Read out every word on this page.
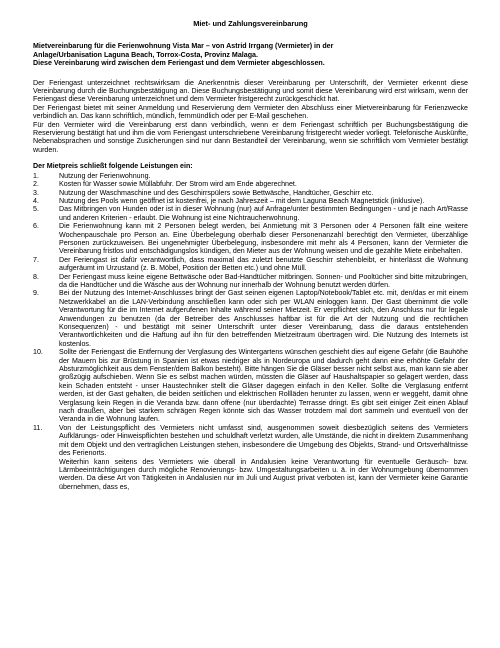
Miet- und Zahlungsvereinbarung
Mietvereinbarung für die Ferienwohnung Vista Mar – von Astrid Irrgang (Vermieter) in der
Anlage/Urbanisation Laguna Beach, Torrox-Costa, Provinz Malaga.
Diese Vereinbarung wird zwischen dem Feriengast und dem Vermieter abgeschlossen.

Der Feriengast unterzeichnet rechtswirksam die Anerkenntnis dieser Vereinbarung per Unterschrift, der Vermieter erkennt diese Vereinbarung durch die Buchungsbestätigung an. Diese Buchungsbestätigung und somit diese Vereinbarung wird erst wirksam, wenn der Feriengast diese Vereinbarung unterzeichnet und dem Vermieter fristgerecht zurückgeschickt hat.

Der Feriengast bietet mit seiner Anmeldung und Reservierung dem Vermieter den Abschluss einer Mietvereinbarung für Ferienzwecke verbindlich an. Das kann schriftlich, mündlich, fernmündlich oder per E-Mail geschehen.

Für den Vermieter wird die Vereinbarung erst dann verbindlich, wenn er dem Feriengast schriftlich per Buchungsbestätigung die Reservierung bestätigt hat und ihm die vom Feriengast unterschriebene Vereinbarung fristgerecht wieder vorliegt. Telefonische Auskünfte, Nebenabsprachen und sonstige Zusicherungen sind nur dann Bestandteil der Vereinbarung, wenn sie schriftlich vom Vermieter bestätigt wurden.

Der Mietpreis schließt folgende Leistungen ein:
1.	Nutzung der Ferienwohnung.
2.	Kosten für Wasser sowie Müllabfuhr. Der Strom wird am Ende abgerechnet.
3.	Nutzung der Waschmaschine und des Geschirrspülers sowie Bettwäsche, Handtücher, Geschirr etc.
4.	Nutzung des Pools wenn geöffnet ist kostenfrei, je nach Jahreszeit – mit dem Laguna Beach Magnetstick (inklusive).
5.	Das Mitbringen von Hunden oder ist in dieser Wohnung (nur) auf Anfrage/unter bestimmten Bedingungen - und je nach Art/Rasse und anderen Kriterien - erlaubt. Die Wohnung ist eine Nichtraucherwohnung.
6.	Die Ferienwohnung kann mit 2 Personen belegt werden, bei Anmietung mit 3 Personen oder 4 Personen fällt eine weitere Wochenpauschale pro Person an. Eine Überbelegung oberhalb dieser Personenanzahl berechtigt den Vermieter, überzählige Personen zurückzuweisen. Bei ungenehmigter Überbelegung, insbesondere mit mehr als 4 Personen, kann der Vermieter die Vereinbarung fristlos und entschädigungslos kündigen, den Mieter aus der Wohnung weisen und die gezahlte Miete einbehalten.
7.	Der Feriengast ist dafür verantwortlich, dass maximal das zuletzt benutzte Geschirr stehenbleibt, er hinterlässt die Wohnung aufgeräumt im Urzustand (z. B. Möbel, Position der Betten etc.) und ohne Müll.
8.	Der Feriengast muss keine eigene Bettwäsche oder Bad-Handtücher mitbringen. Sonnen- und Pooltücher sind bitte mitzubringen, da die Handtücher und die Wäsche aus der Wohnung nur innerhalb der Wohnung benutzt werden dürfen.
9.	Bei der Nutzung des Internet-Anschlusses bringt der Gast seinen eigenen Laptop/Notebook/Tablet etc. mit, den/das er mit einem Netzwerkkabel an die LAN-Verbindung anschließen kann oder sich per WLAN einloggen kann. Der Gast übernimmt die volle Verantwortung für die im Internet aufgerufenen Inhalte während seiner Mietzeit. Er verpflichtet sich, den Anschluss nur für legale Anwendungen zu benutzen (da der Betreiber des Anschlusses haftbar ist für die Art der Nutzung und die rechtlichen Konsequenzen) - und bestätigt mit seiner Unterschrift unter dieser Vereinbarung, dass die daraus entstehenden Verantwortlichkeiten und die Haftung auf ihn für den betreffenden Mietzeitraum übertragen wird. Die Nutzung des Internets ist kostenlos.
10.	Sollte der Feriengast die Entfernung der Verglasung des Wintergartens wünschen geschieht dies auf eigene Gefahr (die Bauhöhe der Mauern bis zur Brüstung in Spanien ist etwas niedriger als in Nordeuropa und dadurch geht dann eine erhöhte Gefahr der Absturzmöglichkeit aus dem Fenster/dem Balkon besteht). Bitte hängen Sie die Gläser besser nicht selbst aus, man kann sie aber großzügig aufschieben. Wenn Sie es selbst machen würden, müssten die Gläser auf Haushaltspapier so gelagert werden, dass kein Schaden entsteht - unser Haustechniker stellt die Gläser dagegen einfach in den Keller. Sollte die Verglasung entfernt werden, ist der Gast gehalten, die beiden seitlichen und elektrischen Rollläden herunter zu lassen, wenn er weggeht, damit ohne Verglasung kein Regen in die Veranda bzw. dann offene (nur überdachte) Terrasse dringt. Es gibt seit einiger Zeit einen Ablauf nach draußen, aber bei starkem schrägen Regen könnte sich das Wasser trotzdem mal dort sammeln und eventuell von der Veranda in die Wohnung laufen.
11.	Von der Leistungspflicht des Vermieters nicht umfasst sind, ausgenommen soweit diesbezüglich seitens des Vermieters Aufklärungs- oder Hinweispflichten bestehen und schuldhaft verletzt wurden, alle Umstände, die nicht in direktem Zusammenhang mit dem Objekt und den vertraglichen Leistungen stehen, insbesondere die Umgebung des Objekts, Strand- und Ortsverhältnisse des Ferienorts.
Weiterhin kann seitens des Vermieters wie überall in Andalusien keine Verantwortung für eventuelle Geräusch- bzw. Lärmbeeinträchtigungen durch mögliche Renovierungs- bzw. Umgestaltungsarbeiten u. ä. in der Wohnumgebung übernommen werden. Da diese Art von Tätigkeiten in Andalusien nur im Juli und August privat verboten ist, kann der Vermieter keine Garantie übernehmen, dass es,
